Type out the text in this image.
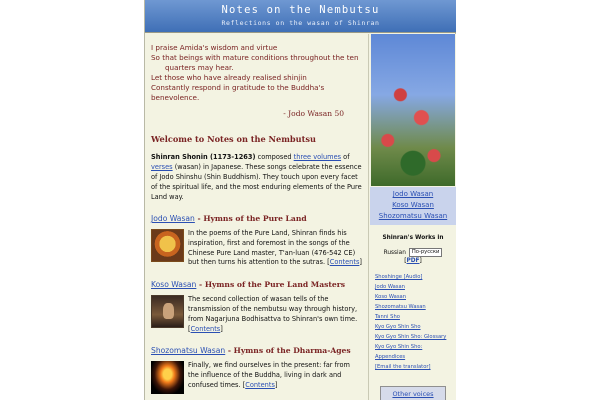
Notes on the Nembutsu
Reflections on the wasan of Shinran
I praise Amida's wisdom and virtue
So that beings with mature conditions throughout the ten
quarters may hear.
Let those who have already realised shinjin
Constantly respond in gratitude to the Buddha's
benevolence.
- Jodo Wasan 50
Welcome to Notes on the Nembutsu
Shinran Shonin (1173-1263) composed three volumes of verses (wasan) in Japanese. These songs celebrate the essence of Jodo Shinshu (Shin Buddhism). They touch upon every facet of the spiritual life, and the most enduring elements of the Pure Land way.
Jodo Wasan - Hymns of the Pure Land
In the poems of the Pure Land, Shinran finds his inspiration, first and foremost in the songs of the Chinese Pure Land master, T'an-luan (476-542 CE) but then turns his attention to the sutras. [Contents]
Koso Wasan - Hymns of the Pure Land Masters
The second collection of wasan tells of the transmission of the nembutsu way through history, from Nagarjuna Bodhisattva to Shinran's own time. [Contents]
Shozomatsu Wasan - Hymns of the Dharma-Ages
Finally, we find ourselves in the present: far from the influence of the Buddha, living in dark and confused times. [Contents]
Jodo Wasan
Koso Wasan
Shozomatsu Wasan
Shinran's Works in
Russian	По-русски
[PDF]
Shoshinge [Audio]
Jodo Wasan
Koso Wasan
Shozomatsu Wasan
Tanni Sho
Kyo Gyo Shin Sho
Kyo Gyo Shin Sho: Glossary
Kyo Gyo Shin Sho:
Appendices
[Email the translator]
Other voices
